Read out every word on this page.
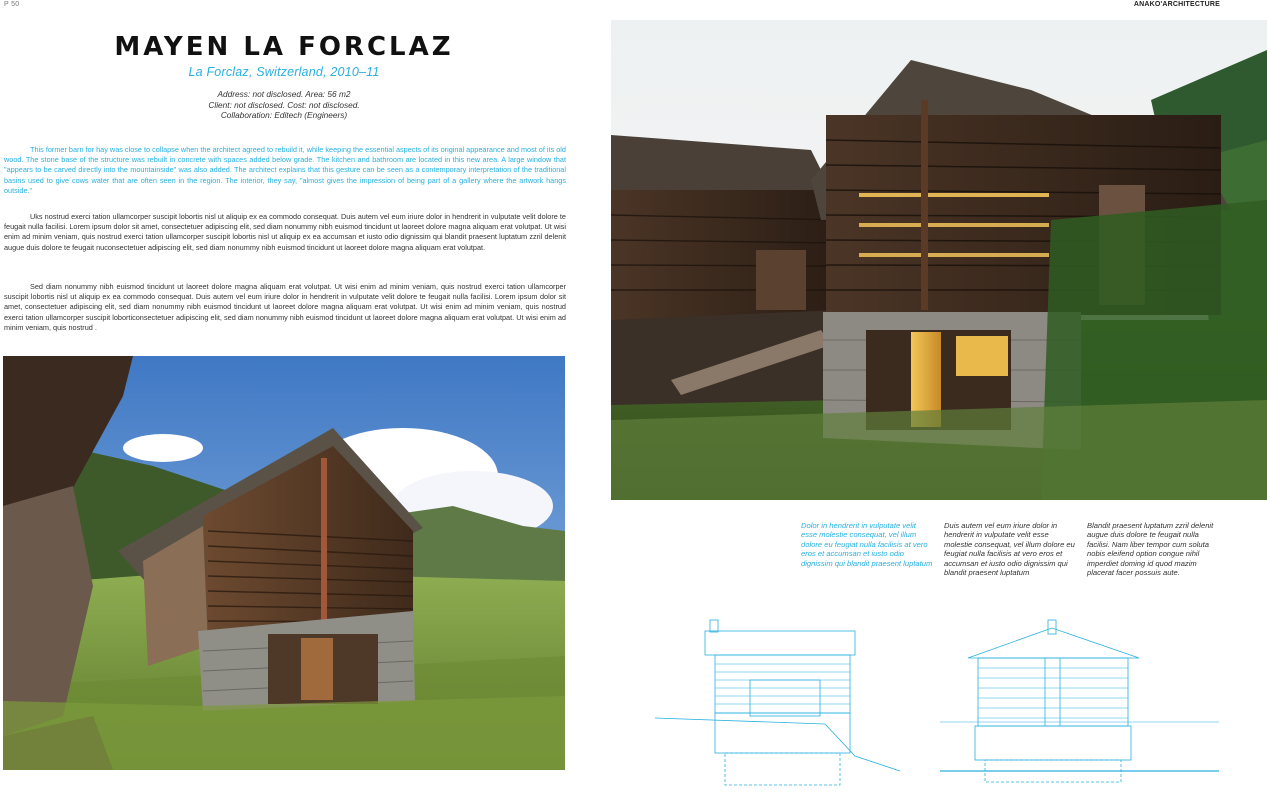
P 50	ANAKO'ARCHITECTURE
MAYEN LA FORCLAZ
La Forclaz, Switzerland, 2010–11
Address: not disclosed. Area: 56 m2
Client: not disclosed. Cost: not disclosed.
Collaboration: Editech (Engineers)
This former barn for hay was close to collapse when the architect agreed to rebuild it, while keeping the essential aspects of its original appearance and most of its old wood. The stone base of the structure was rebuilt in concrete with spaces added below grade. The kitchen and bathroom are located in this new area. A large window that "appears to be carved directly into the mountainside" was also added. The architect explains that this gesture can be seen as a contemporary interpretation of the traditional basins used to give cows water that are often seen in the region. The interior, they say, "almost gives the impression of being part of a gallery where the artwork hangs outside."
Uks nostrud exerci tation ullamcorper suscipit lobortis nisl ut aliquip ex ea commodo consequat. Duis autem vel eum iriure dolor in hendrerit in vulputate velit dolore te feugait nulla facilisi. Lorem ipsum dolor sit amet, consectetuer adipiscing elit, sed diam nonummy nibh euismod tincidunt ut laoreet dolore magna aliquam erat volutpat. Ut wisi enim ad minim veniam, quis nostrud exerci tation ullamcorper suscipit lobortis nisl ut aliquip ex ea accumsan et iusto odio dignissim qui blandit praesent luptatum zzril delenit augue duis dolore te feugait nuconsectetuer adipiscing elit, sed diam nonummy nibh euismod tincidunt ut laoreet dolore magna aliquam erat volutpat.
Sed diam nonummy nibh euismod tincidunt ut laoreet dolore magna aliquam erat volutpat. Ut wisi enim ad minim veniam, quis nostrud exerci tation ullamcorper suscipit lobortis nisl ut aliquip ex ea commodo consequat. Duis autem vel eum iriure dolor in hendrerit in vulputate velit dolore te feugait nulla facilisi. Lorem ipsum dolor sit amet, consectetuer adipiscing elit, sed diam nonummy nibh euismod tincidunt ut laoreet dolore magna aliquam erat volutpat. Ut wisi enim ad minim veniam, quis nostrud exerci tation ullamcorper suscipit loborticonsectetuer adipiscing elit, sed diam nonummy nibh euismod tincidunt ut laoreet dolore magna aliquam erat volutpat. Ut wisi enim ad minim veniam, quis nostrud .
Dolor in hendrerit in vulputate velit esse molestie consequat, vel illum dolore eu feugiat nulla facilisis at vero eros et accumsan et iusto odio dignissim qui blandit praesent luptatum
Duis autem vel eum iriure dolor in hendrerit in vulputate velit esse molestie consequat, vel illum dolore eu feugiat nulla facilisis at vero eros et accumsan et iusto odio dignissim qui blandit praesent luptatum
Blandit praesent luptatum zzril delenit augue duis dolore te feugait nulla facilisi. Nam liber tempor cum soluta nobis eleifend option congue nihil imperdiet doming id quod mazim placerat facer possuis aute.
